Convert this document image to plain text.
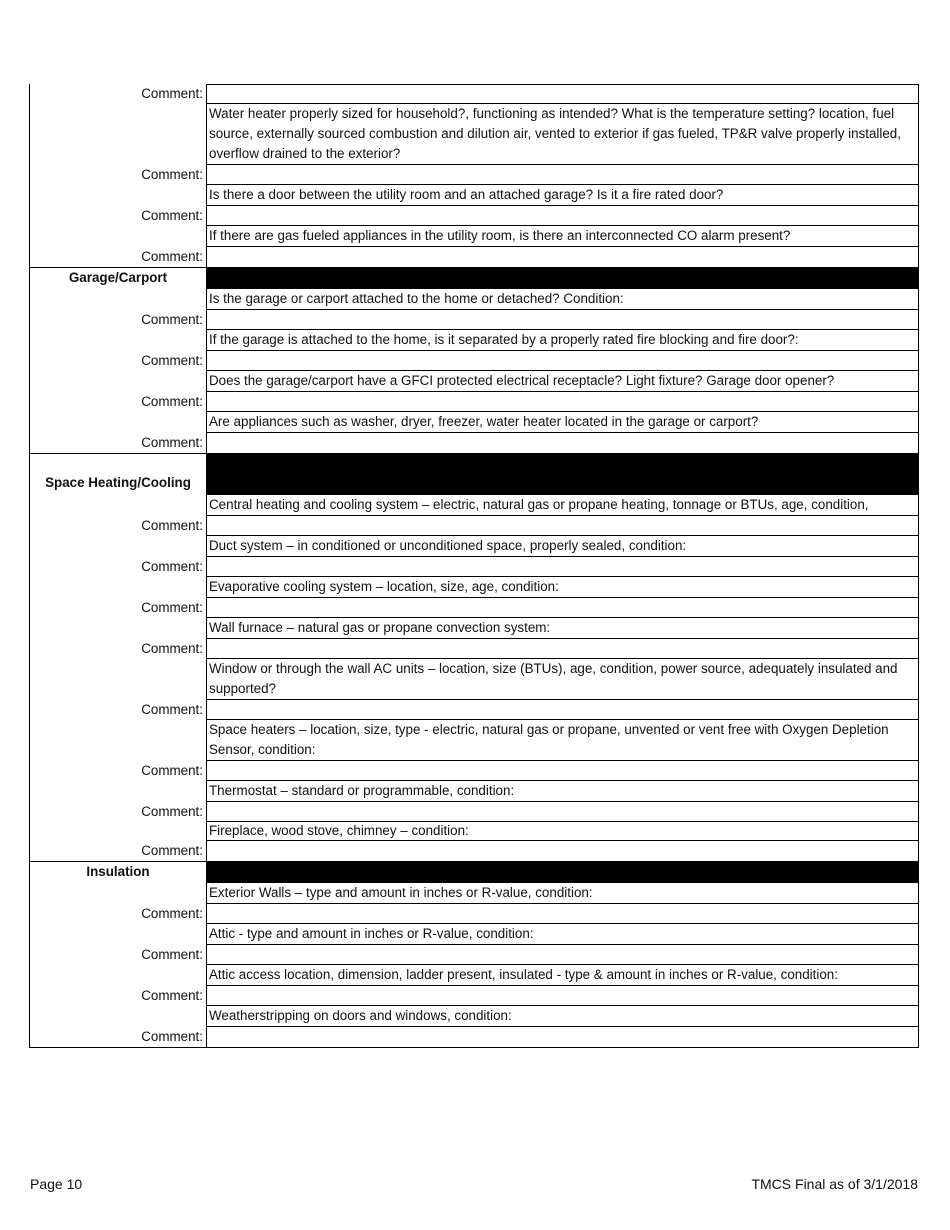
Comment:
Water heater properly sized for household?, functioning as intended? What is the temperature setting? location, fuel source, externally sourced combustion and dilution air, vented to exterior if gas fueled, TP&R valve properly installed, overflow drained to the exterior?
Comment:
Is there a door between the utility room and an attached garage? Is it a fire rated door?
Comment:
If there are gas fueled appliances in the utility room, is there an interconnected CO alarm present?
Comment:
Garage/Carport
Is the garage or carport attached to the home or detached? Condition:
Comment:
If the garage is attached to the home, is it separated by a properly rated fire blocking and fire door?:
Comment:
Does the garage/carport have a GFCI protected electrical receptacle? Light fixture? Garage door opener?
Comment:
Are appliances such as washer, dryer, freezer, water heater located in the garage or carport?
Comment:
Space Heating/Cooling
Central heating and cooling system – electric, natural gas or propane heating, tonnage or BTUs, age, condition,
Comment:
Duct system – in conditioned or unconditioned space, properly sealed, condition:
Comment:
Evaporative cooling system – location, size, age, condition:
Comment:
Wall furnace – natural gas or propane convection system:
Comment:
Window or through the wall AC units – location, size (BTUs), age, condition, power source, adequately insulated and supported?
Comment:
Space heaters – location, size, type - electric, natural gas or propane, unvented or vent free with Oxygen Depletion Sensor, condition:
Comment:
Thermostat – standard or programmable, condition:
Comment:
Fireplace, wood stove, chimney – condition:
Comment:
Insulation
Exterior Walls – type and amount in inches or R-value, condition:
Comment:
Attic - type and amount in inches or R-value, condition:
Comment:
Attic access location, dimension, ladder present, insulated - type & amount in inches or R-value, condition:
Comment:
Weatherstripping on doors and windows, condition:
Comment:
Page 10	TMCS Final as of 3/1/2018
